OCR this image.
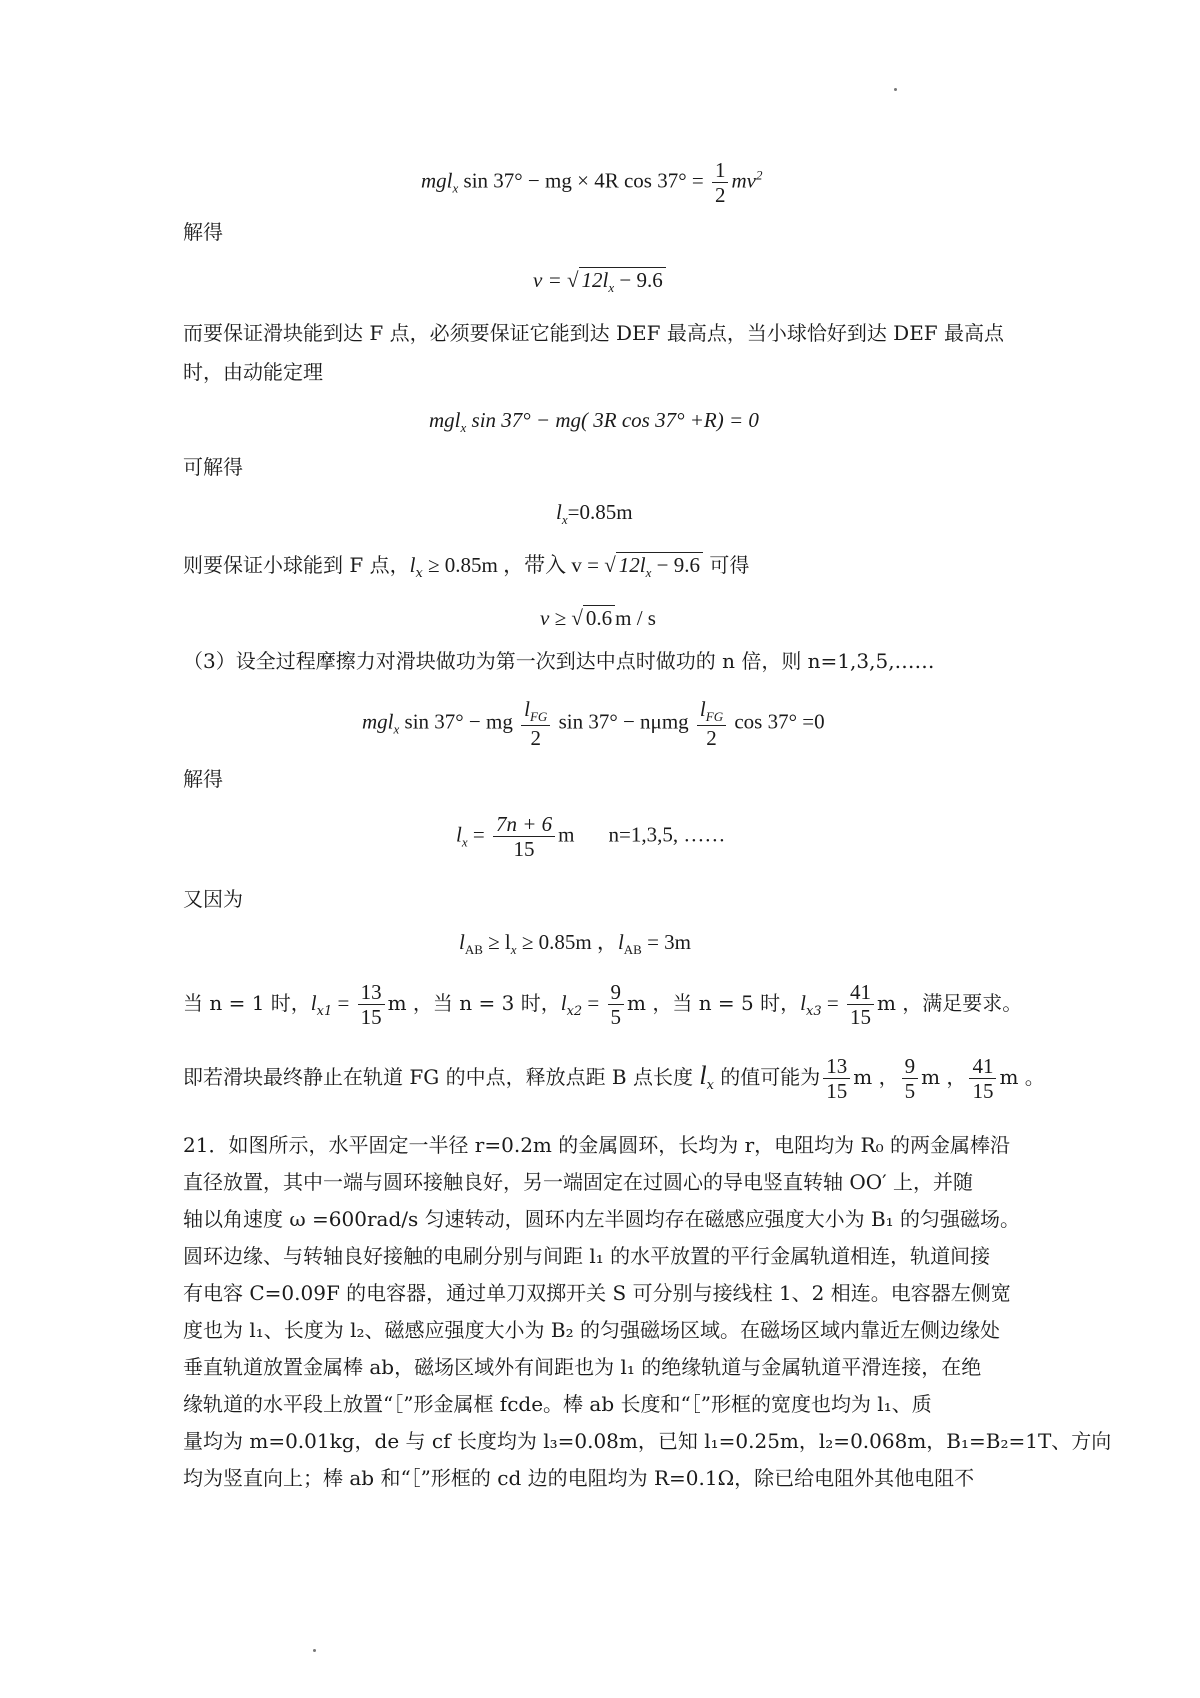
mgl$_x$ sin 37° − mg × 4R $\cos 37^\circ = \frac{1}{2} mv^2$
解得
v = √ $12l_x - 9.6$
而要保证滑块能到达 F 点，必须要保证它能到达 DEF 最高点，当小球恰好到达 DEF 最高点
时，由动能定理
mgl$_x$ sin 37° − mg( 3R cos 37° +R) = 0
可解得
$l_x=0.85m$
则要保证小球能到 F 点，$l_x \ge 0.85m$ ，带入 v = √ $12l_x - 9.6$ 可得
v ≥ √ 0.6 m / s
（3）设全过程摩擦力对滑块做功为第一次到达中点时做功的 n 倍，则 n=1,3,5,……
mgl$_x$ sin 37° − mg $\frac{l_{FG}}{2}$ sin 37° − nμmg $\frac{l_{FG}}{2}$ cos 37° =0
解得
$l_x = \frac{7n + 6}{15}$ m n=1,3,5, ……
又因为
$l_{AB} \ge l_x \ge 0.85m$ ，$l_{AB} = 3m$
当 n = 1 时，$l_{x1} = \frac{13}{15}$ m ，当 n = 3 时，$l_{x2} = \frac{9}{5}$ m ，当 n = 5 时，$l_{x3} = \frac{41}{15}$ m ，满足要求。
即若滑块最终静止在轨道 FG 的中点，释放点距 B 点长度 $l_x$ 的值可能为 $\frac{13}{15}$ m ， $\frac{9}{5}$ m ， $\frac{41}{15}$ m 。
21．如图所示，水平固定一半径 r=0.2m 的金属圆环，长均为 r，电阻均为 R₀ 的两金属棒沿
直径放置，其中一端与圆环接触良好，另一端固定在过圆心的导电竖直转轴 OO′ 上，并随
轴以角速度 ω =600rad/s 匀速转动，圆环内左半圆均存在磁感应强度大小为 B₁ 的匀强磁场。
圆环边缘、与转轴良好接触的电刷分别与间距 l₁ 的水平放置的平行金属轨道相连，轨道间接
有电容 C=0.09F 的电容器，通过单刀双掷开关 S 可分别与接线柱 1、2 相连。电容器左侧宽
度也为 l₁、长度为 l₂、磁感应强度大小为 B₂ 的匀强磁场区域。在磁场区域内靠近左侧边缘处
垂直轨道放置金属棒 ab，磁场区域外有间距也为 l₁ 的绝缘轨道与金属轨道平滑连接，在绝
缘轨道的水平段上放置“［”形金属框 fcde。棒 ab 长度和“［”形框的宽度也均为 l₁、质
量均为 m=0.01kg，de 与 cf 长度均为 l₃=0.08m，已知 l₁=0.25m，l₂=0.068m，B₁=B₂=1T、方向
均为竖直向上；棒 ab 和“［”形框的 cd 边的电阻均为 R=0.1Ω，除已给电阻外其他电阻不
